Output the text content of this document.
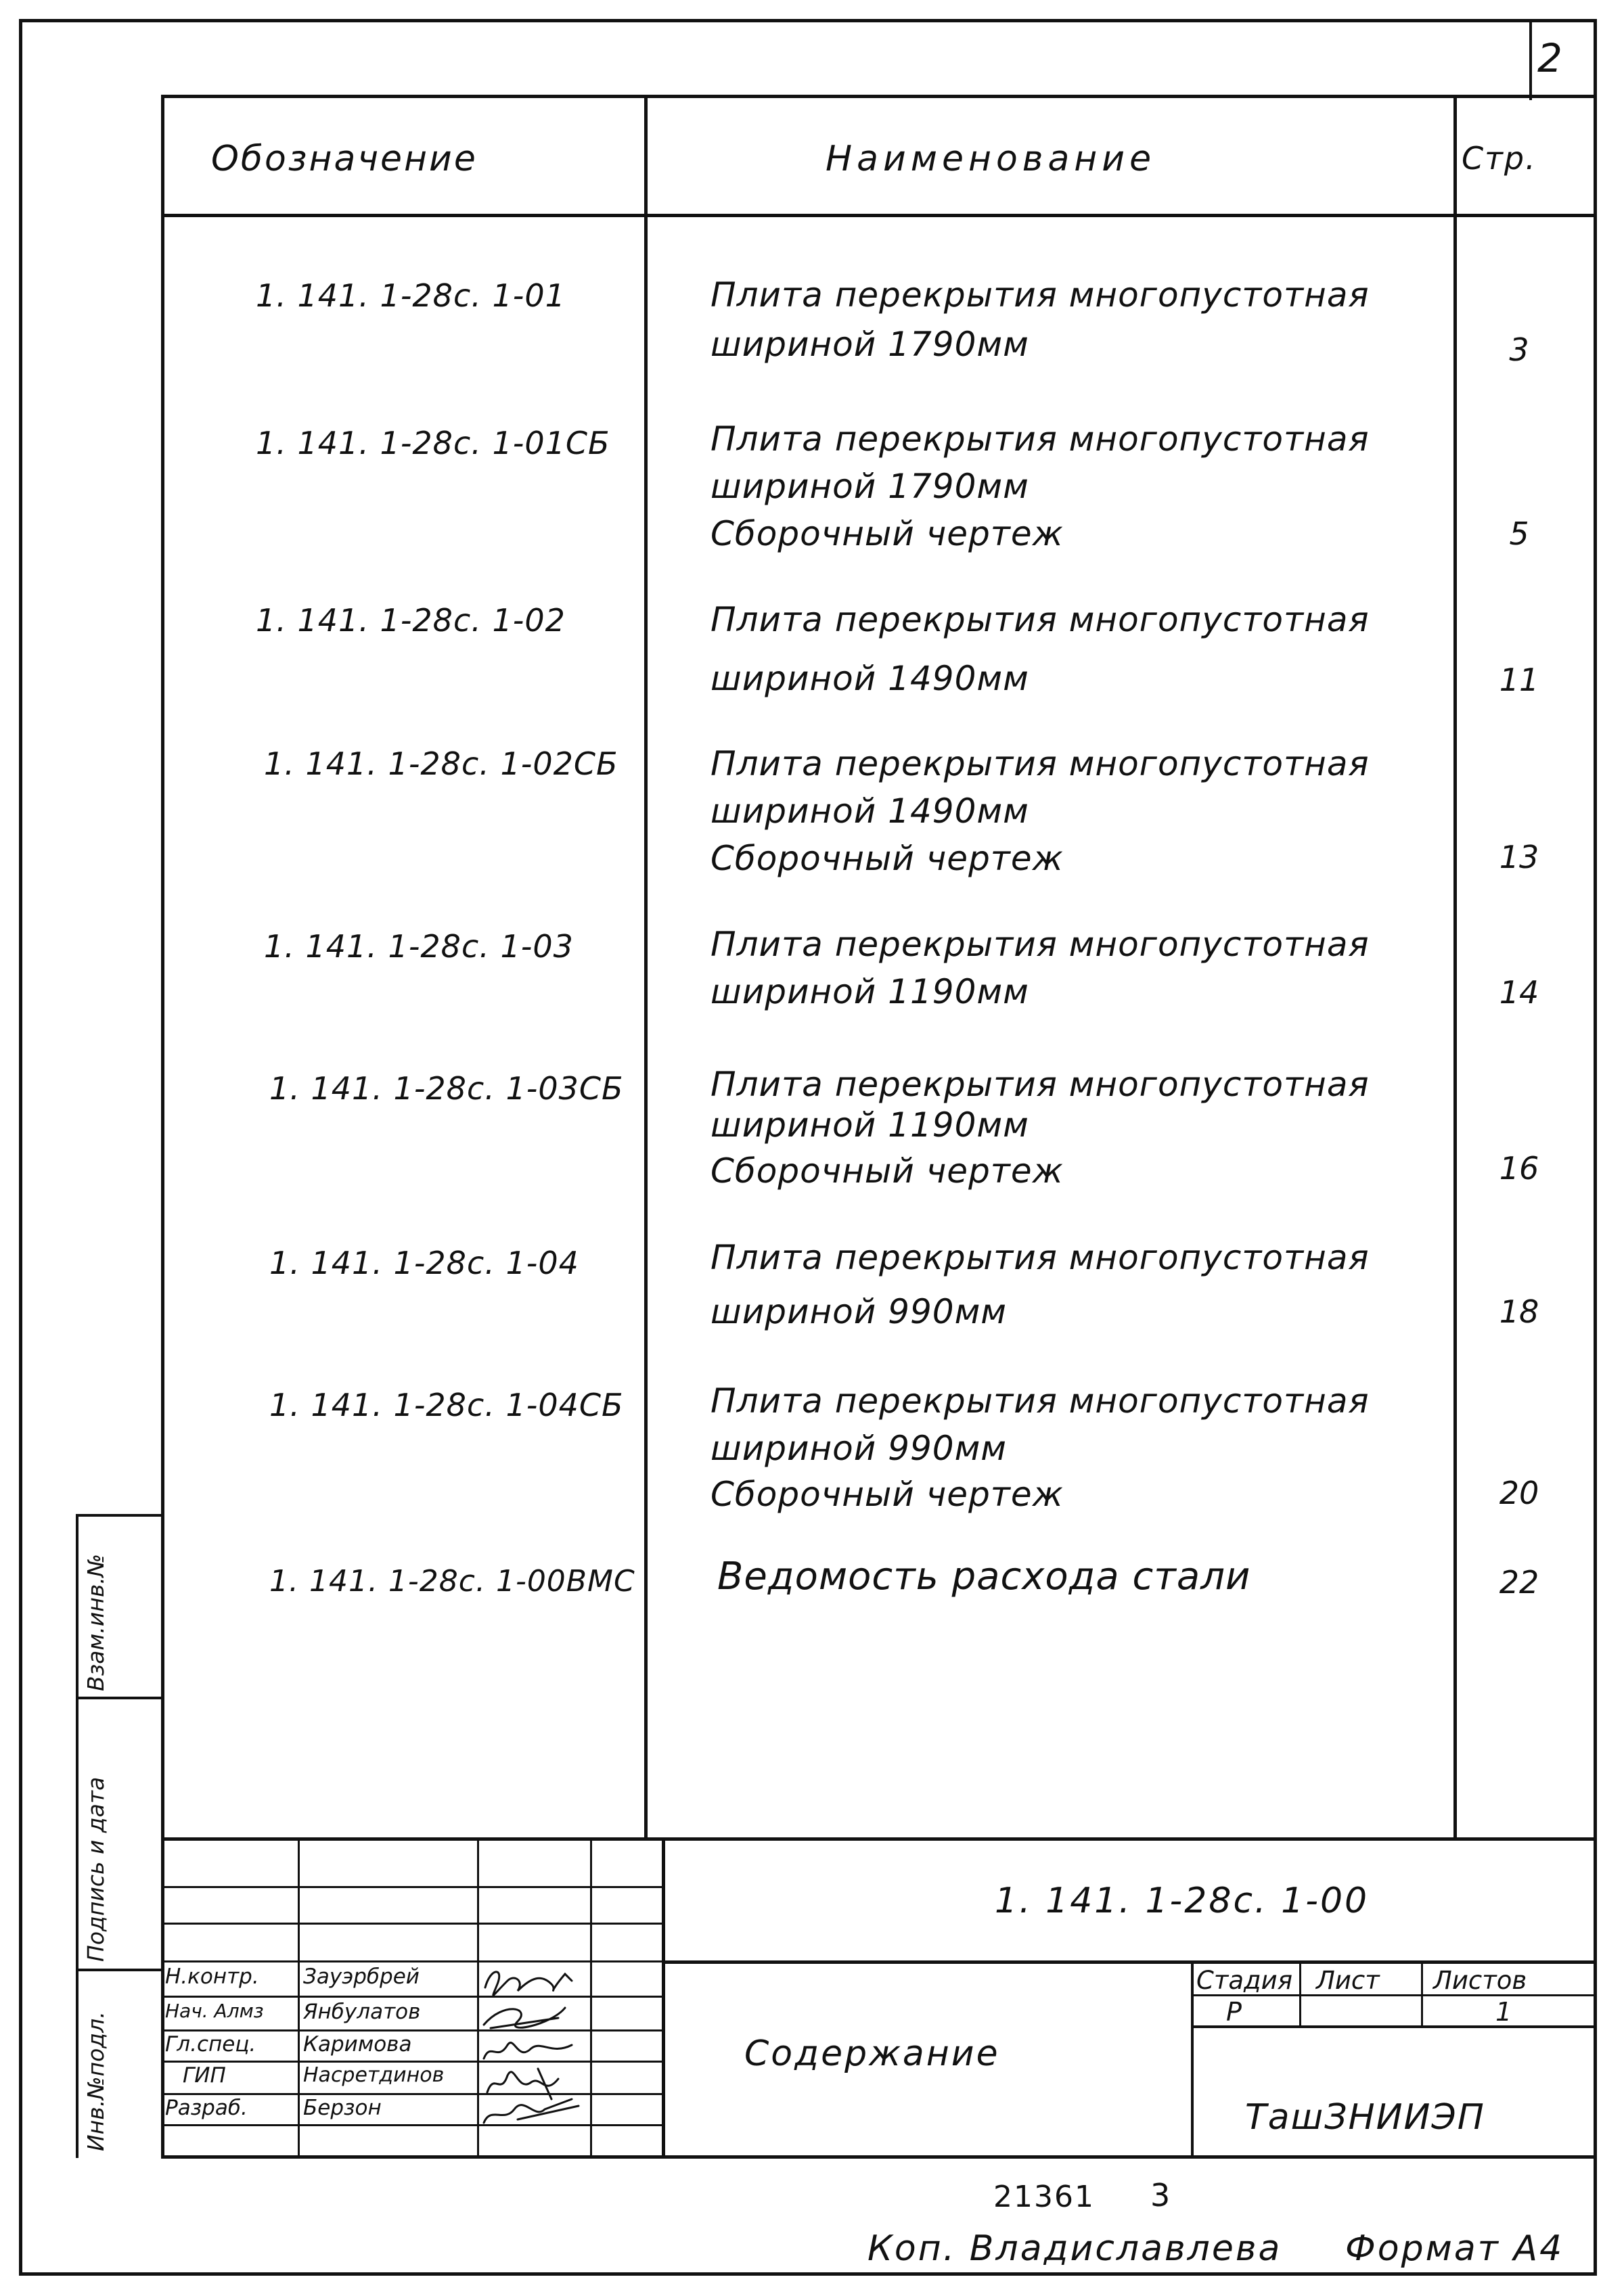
2
Обозначение	Наименование	Стр.
1. 141. 1-28с. 1-01	Плита перекрытия многопустотная
шириной 1790мм	3
1. 141. 1-28с. 1-01СБ	Плита перекрытия многопустотная
шириной 1790мм
Сборочный чертеж	5
1. 141. 1-28с. 1-02	Плита перекрытия многопустотная
шириной 1490мм	11
1. 141. 1-28с. 1-02СБ	Плита перекрытия многопустотная
шириной 1490мм
Сборочный чертеж	13
1. 141. 1-28с. 1-03	Плита перекрытия многопустотная
шириной 1190мм	14
1. 141. 1-28с. 1-03СБ	Плита перекрытия многопустотная
шириной 1190мм
Сборочный чертеж	16
1. 141. 1-28с. 1-04	Плита перекрытия многопустотная
шириной 990мм	18
1. 141. 1-28с. 1-04СБ	Плита перекрытия многопустотная
шириной 990мм
Сборочный чертеж	20
1. 141. 1-28с. 1-00ВМС Ведомость расхода стали	22
Взам.инв.№
Подпись и дата
Инв.№подл.
1. 141. 1-28с. 1-00
Содержание
Стадия Лист Листов
Р	1
ТашЗНИИЭП
Н.контр. Зауэрбрей
Нач. Алмз Янбулатов
Гл.спец. Каримова
ГИП	Насретдинов
Разраб.	Берзон
21361 3
Коп. Владиславлева Формат А4
